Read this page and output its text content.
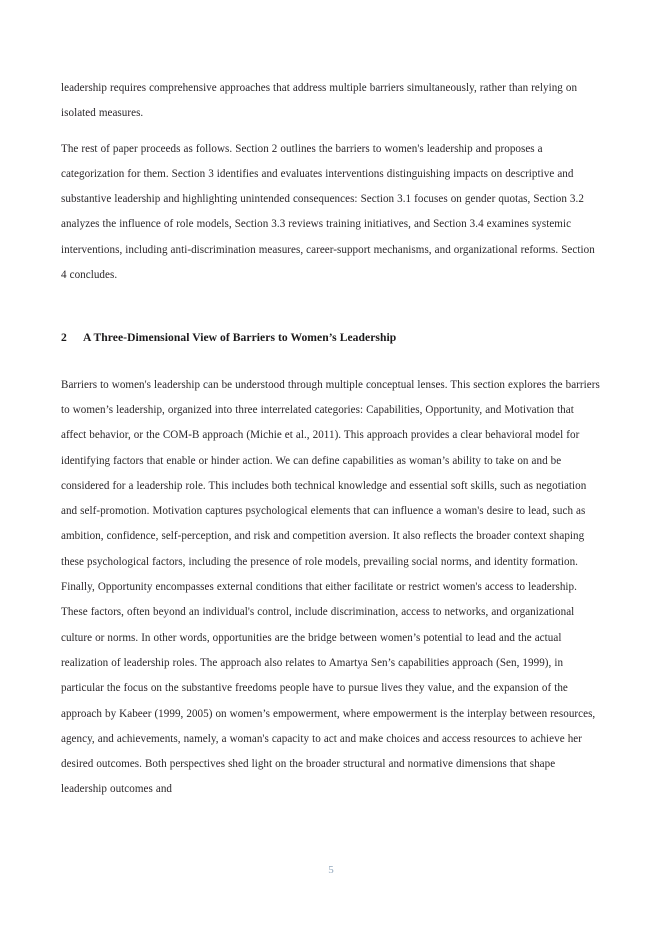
leadership requires comprehensive approaches that address multiple barriers simultaneously, rather than relying on isolated measures.

The rest of paper proceeds as follows. Section 2 outlines the barriers to women's leadership and proposes a categorization for them. Section 3 identifies and evaluates interventions distinguishing impacts on descriptive and substantive leadership and highlighting unintended consequences: Section 3.1 focuses on gender quotas, Section 3.2 analyzes the influence of role models, Section 3.3 reviews training initiatives, and Section 3.4 examines systemic interventions, including anti-discrimination measures, career-support mechanisms, and organizational reforms. Section 4 concludes.

2 A Three-Dimensional View of Barriers to Women’s Leadership

Barriers to women's leadership can be understood through multiple conceptual lenses. This section explores the barriers to women’s leadership, organized into three interrelated categories: Capabilities, Opportunity, and Motivation that affect behavior, or the COM-B approach (Michie et al., 2011). This approach provides a clear behavioral model for identifying factors that enable or hinder action. We can define capabilities as woman’s ability to take on and be considered for a leadership role. This includes both technical knowledge and essential soft skills, such as negotiation and self-promotion. Motivation captures psychological elements that can influence a woman's desire to lead, such as ambition, confidence, self-perception, and risk and competition aversion. It also reflects the broader context shaping these psychological factors, including the presence of role models, prevailing social norms, and identity formation. Finally, Opportunity encompasses external conditions that either facilitate or restrict women's access to leadership. These factors, often beyond an individual's control, include discrimination, access to networks, and organizational culture or norms. In other words, opportunities are the bridge between women’s potential to lead and the actual realization of leadership roles. The approach also relates to Amartya Sen’s capabilities approach (Sen, 1999), in particular the focus on the substantive freedoms people have to pursue lives they value, and the expansion of the approach by Kabeer (1999, 2005) on women’s empowerment, where empowerment is the interplay between resources, agency, and achievements, namely, a woman's capacity to act and make choices and access resources to achieve her desired outcomes. Both perspectives shed light on the broader structural and normative dimensions that shape leadership outcomes and

5
